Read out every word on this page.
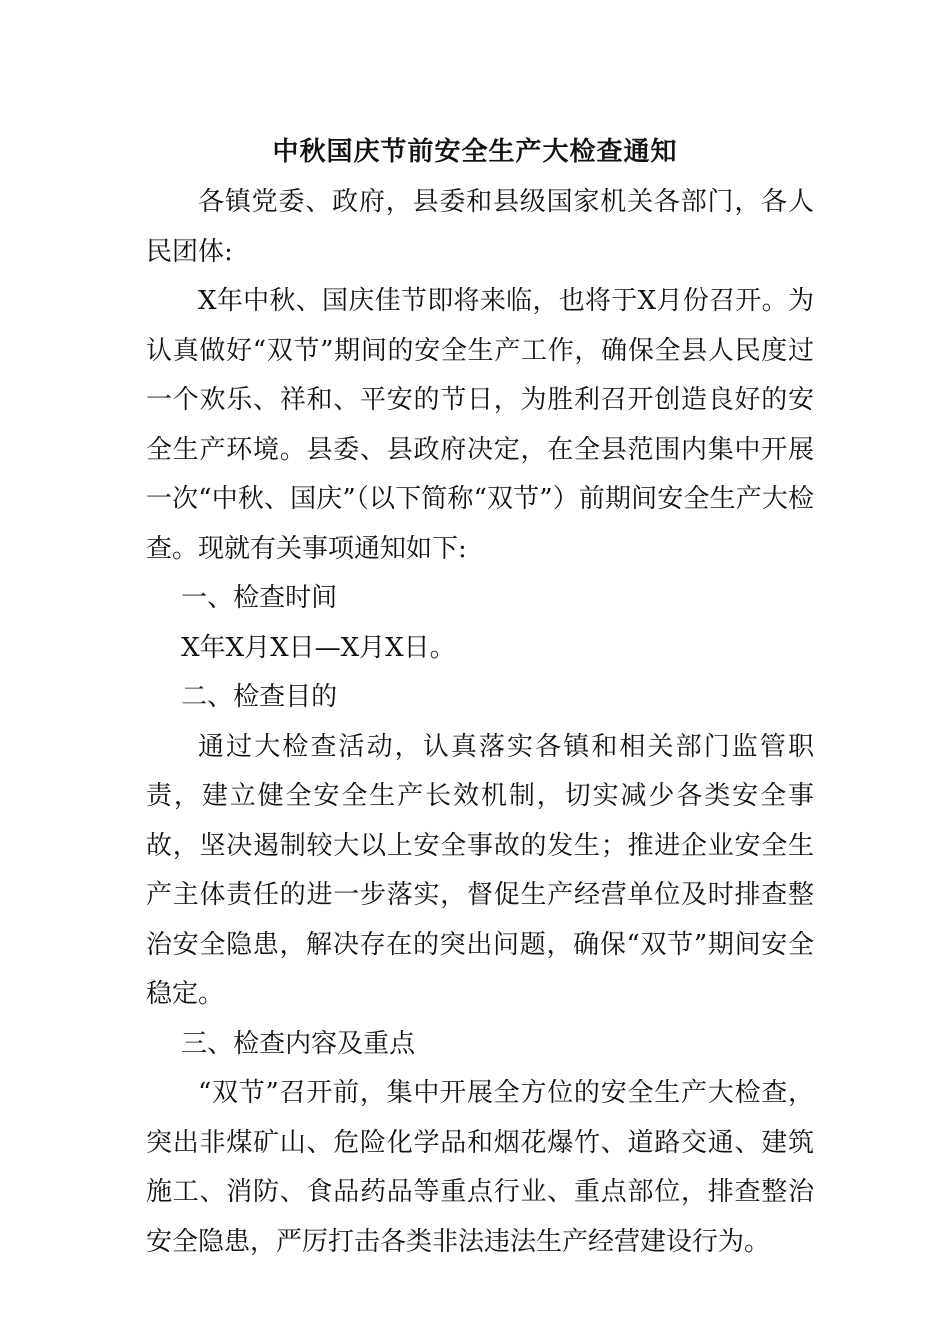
中秋国庆节前安全生产大检查通知

各镇党委、政府，县委和县级国家机关各部门，各人民团体:

X年中秋、国庆佳节即将来临，也将于X月份召开。为认真做好“双节”期间的安全生产工作，确保全县人民度过一个欢乐、祥和、平安的节日，为胜利召开创造良好的安全生产环境。县委、县政府决定，在全县范围内集中开展一次“中秋、国庆”（以下简称“双节”）前期间安全生产大检查。现就有关事项通知如下:

一、检查时间

X年X月X日—X月X日。

二、检查目的

通过大检查活动，认真落实各镇和相关部门监管职责，建立健全安全生产长效机制，切实减少各类安全事故，坚决遏制较大以上安全事故的发生；推进企业安全生产主体责任的进一步落实，督促生产经营单位及时排查整治安全隐患，解决存在的突出问题，确保“双节”期间安全稳定。

三、检查内容及重点

“双节”召开前，集中开展全方位的安全生产大检查，突出非煤矿山、危险化学品和烟花爆竹、道路交通、建筑施工、消防、食品药品等重点行业、重点部位，排查整治安全隐患，严厉打击各类非法违法生产经营建设行为。
